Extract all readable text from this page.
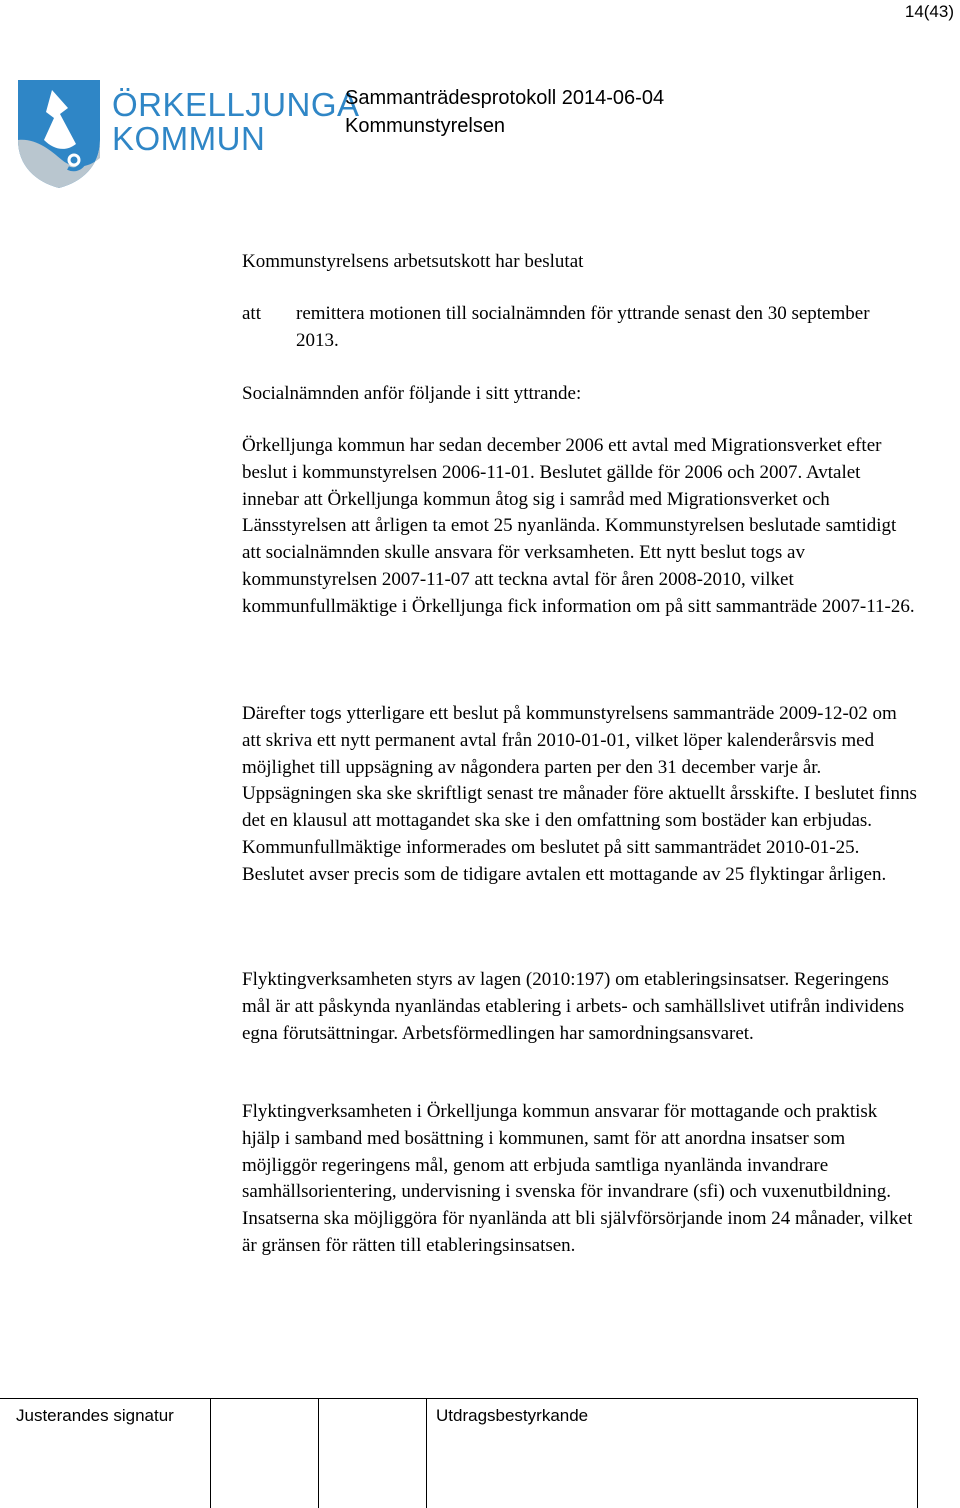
14(43)
ÖRKELLJUNGA
KOMMUN
Sammanträdesprotokoll 2014-06-04
Kommunstyrelsen

Kommunstyrelsens arbetsutskott har beslutat

att remittera motionen till socialnämnden för yttrande senast den 30 september 2013.

Socialnämnden anför följande i sitt yttrande:

Örkelljunga kommun har sedan december 2006 ett avtal med Migrationsverket efter beslut i kommunstyrelsen 2006-11-01. Beslutet gällde för 2006 och 2007. Avtalet innebar att Örkelljunga kommun åtog sig i samråd med Migrationsverket och Länsstyrelsen att årligen ta emot 25 nyanlända. Kommunstyrelsen beslutade samtidigt att socialnämnden skulle ansvara för verksamheten. Ett nytt beslut togs av kommunstyrelsen 2007-11-07 att teckna avtal för åren 2008-2010, vilket kommunfullmäktige i Örkelljunga fick information om på sitt sammanträde 2007-11-26.

Därefter togs ytterligare ett beslut på kommunstyrelsens sammanträde 2009-12-02 om att skriva ett nytt permanent avtal från 2010-01-01, vilket löper kalenderårsvis med möjlighet till uppsägning av någondera parten per den 31 december varje år. Uppsägningen ska ske skriftligt senast tre månader före aktuellt årsskifte. I beslutet finns det en klausul att mottagandet ska ske i den omfattning som bostäder kan erbjudas. Kommunfullmäktige informerades om beslutet på sitt sammanträdet 2010-01-25. Beslutet avser precis som de tidigare avtalen ett mottagande av 25 flyktingar årligen.

Flyktingverksamheten styrs av lagen (2010:197) om etableringsinsatser. Regeringens mål är att påskynda nyanländas etablering i arbets- och samhällslivet utifrån individens egna förutsättningar. Arbetsförmedlingen har samordningsansvaret.

Flyktingverksamheten i Örkelljunga kommun ansvarar för mottagande och praktisk hjälp i samband med bosättning i kommunen, samt för att anordna insatser som möjliggör regeringens mål, genom att erbjuda samtliga nyanlända invandrare samhällsorientering, undervisning i svenska för invandrare (sfi) och vuxenutbildning. Insatserna ska möjliggöra för nyanlända att bli självförsörjande inom 24 månader, vilket är gränsen för rätten till etableringsinsatsen.

Justerandes signatur	Utdragsbestyrkande
